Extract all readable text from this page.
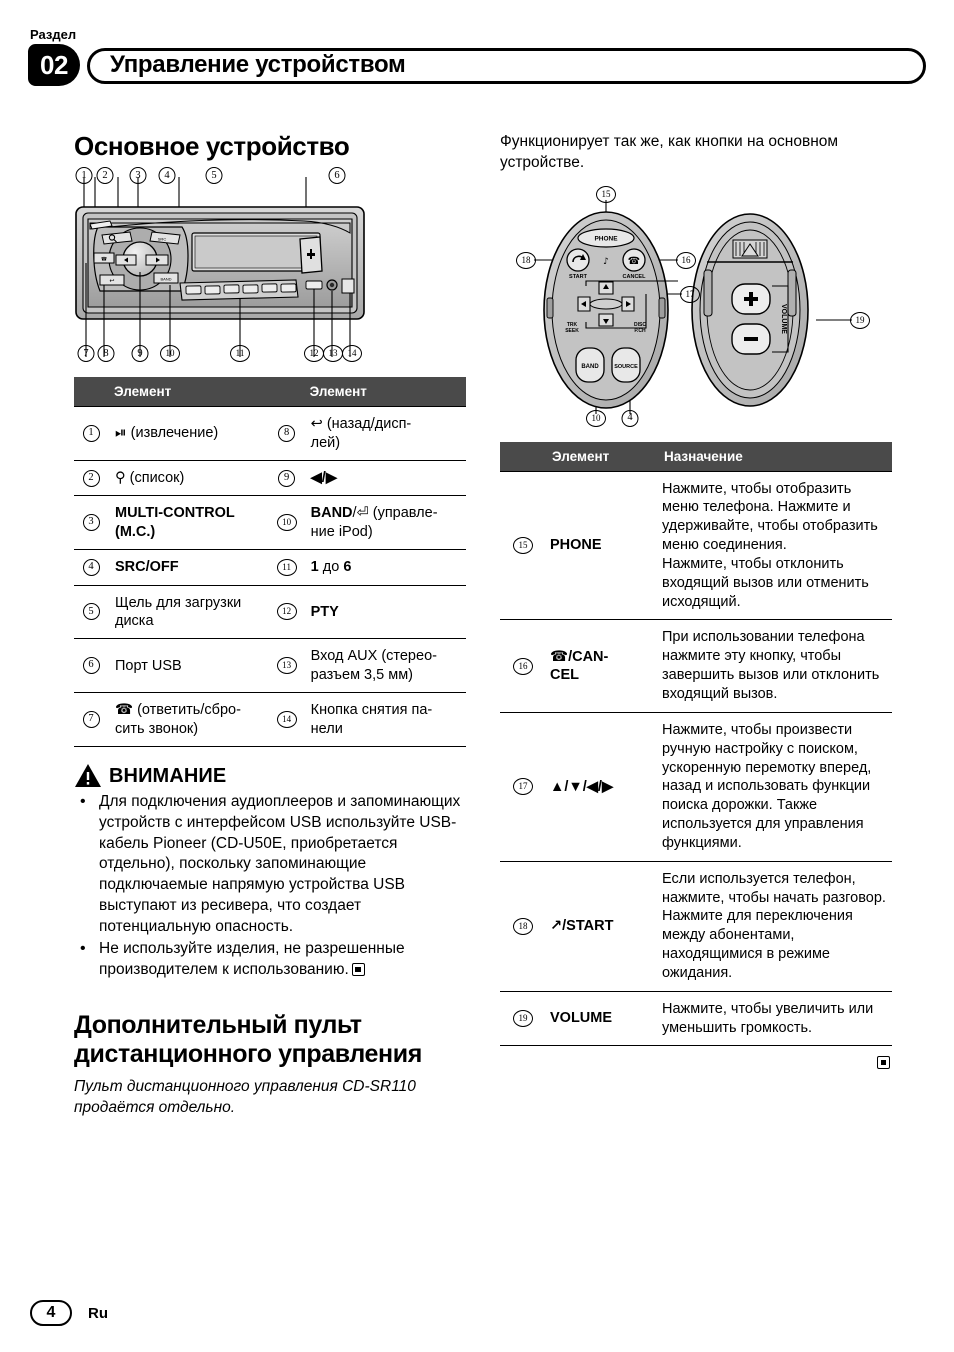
Раздел
02	Управление устройством
Основное устройство
SRC
☎
↩	BAND
1	2	3	4	5	6
7	8	9	10	11	12	13	14
	Элемент		Элемент
1	⏯ (извлечение)	8	↩ (назад/дисп-
лей)
2	⚲ (список)	9	◀/▶
3	MULTI-CONTROL
(M.C.)	10	BAND/⏎ (управле-
ние iPod)
4	SRC/OFF	11	1 до 6
5	Щель для загрузки
диска	12	PTY
6	Порт USB	13	Вход AUX (стерео-
разъем 3,5 мм)
7	☎ (ответить/сбро-
сить звонок)	14	Кнопка снятия па-
нели
ВНИМАНИЕ
• Для подключения аудиоплееров и запоминающих устройств с интерфейсом USB используйте USB-кабель Pioneer (CD-U50E, приобретается отдельно), поскольку запоминающие подключаемые напрямую устройства USB выступают из ресивера, что создает потенциальную опасность.
• Не используйте изделия, не разрешенные производителем к использованию.
Дополнительный пульт дистанционного управления

Пульт дистанционного управления CD-SR110 продаётся отдельно.

Функционирует так же, как кнопки на основном устройстве.

PHONE
START
☎
CANCEL
♪
TRK
SEEK
DISC
P.CH
BAND	SOURCE
VOLUME
15
18	16
17
19
10	4
	Элемент	Назначение
15	PHONE	Нажмите, чтобы отобразить меню телефона. Нажмите и удерживайте, чтобы отобразить меню соединения.
Нажмите, чтобы отклонить входящий вызов или отменить исходящий.
16	☎/CAN-
CEL	При использовании телефона нажмите эту кнопку, чтобы завершить вызов или отклонить входящий вызов.
17	▲/▼/◀/▶	Нажмите, чтобы произвести ручную настройку с поиском, ускоренную перемотку вперед, назад и использовать функции поиска дорожки. Также используется для управления функциями.
18	↗/START	Если используется телефон, нажмите, чтобы начать разговор.
Нажмите для переключения между абонентами, находящимися в режиме ожидания.
19	VOLUME	Нажмите, чтобы увеличить или уменьшить громкость.
4	Ru
